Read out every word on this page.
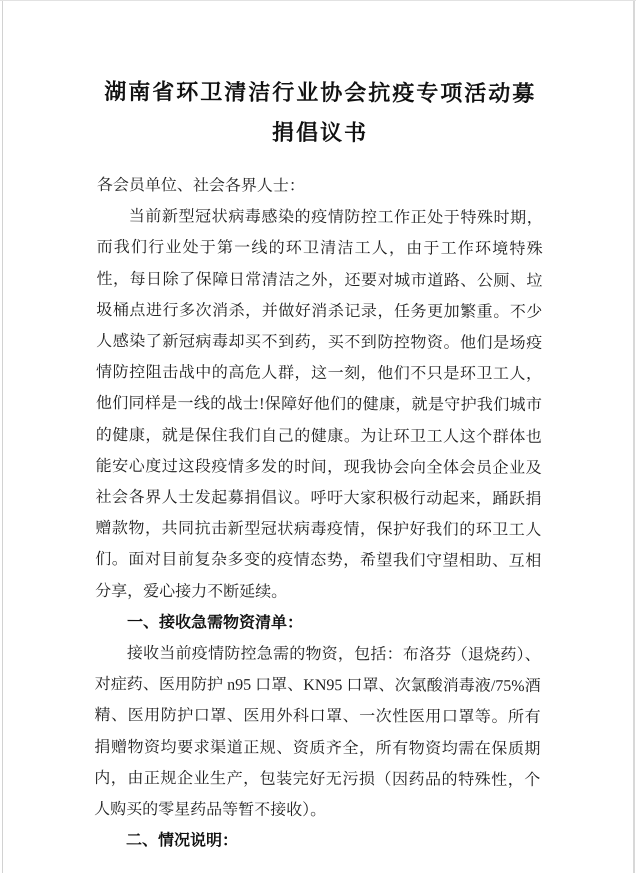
湖南省环卫清洁行业协会抗疫专项活动募
捐倡议书

各会员单位、社会各界人士：

当前新型冠状病毒感染的疫情防控工作正处于特殊时期，而我们行业处于第一线的环卫清洁工人，由于工作环境特殊性，每日除了保障日常清洁之外，还要对城市道路、公厕、垃圾桶点进行多次消杀，并做好消杀记录，任务更加繁重。不少人感染了新冠病毒却买不到药，买不到防控物资。他们是场疫情防控阻击战中的高危人群，这一刻，他们不只是环卫工人，他们同样是一线的战士!保障好他们的健康，就是守护我们城市的健康，就是保住我们自己的健康。为让环卫工人这个群体也能安心度过这段疫情多发的时间，现我协会向全体会员企业及社会各界人士发起募捐倡议。呼吁大家积极行动起来，踊跃捐赠款物，共同抗击新型冠状病毒疫情，保护好我们的环卫工人们。面对目前复杂多变的疫情态势，希望我们守望相助、互相分享，爱心接力不断延续。

一、接收急需物资清单：

接收当前疫情防控急需的物资，包括：布洛芬（退烧药）、对症药、医用防护 n95 口罩、KN95 口罩、次氯酸消毒液/75%酒精、医用防护口罩、医用外科口罩、一次性医用口罩等。所有捐赠物资均要求渠道正规、资质齐全，所有物资均需在保质期内，由正规企业生产，包装完好无污损（因药品的特殊性，个人购买的零星药品等暂不接收）。

二、情况说明：
